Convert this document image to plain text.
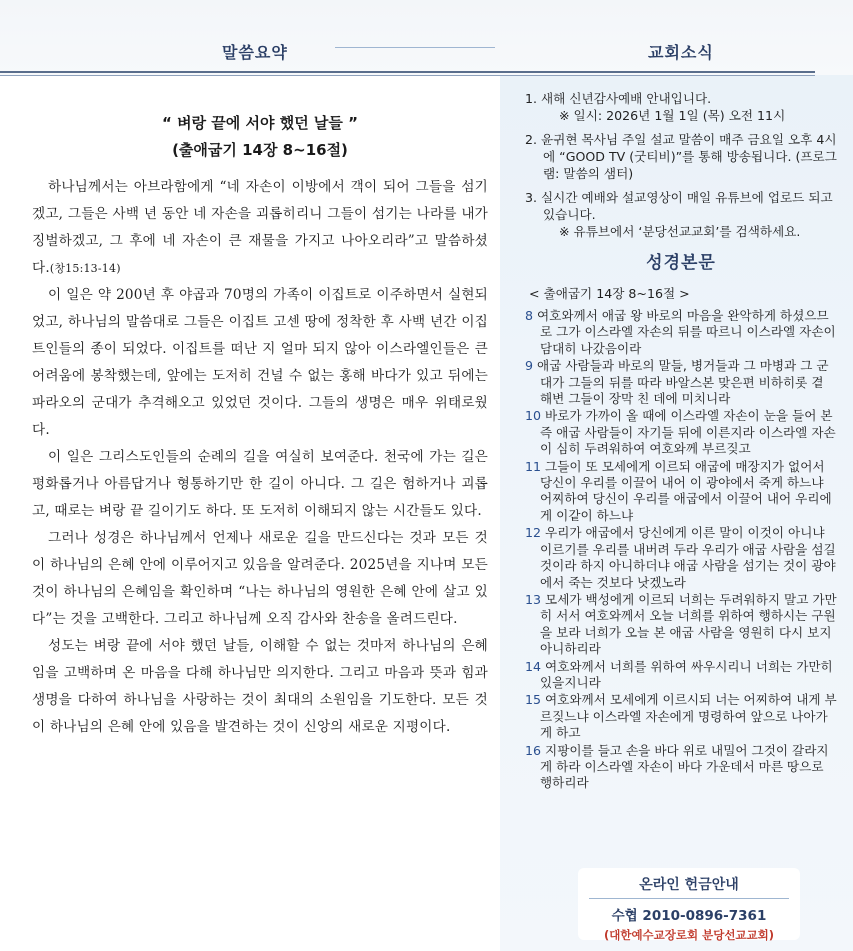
말씀요약	교회소식
“ 벼랑 끝에 서야 했던 날들 ”
(출애굽기 14장 8~16절)

하나님께서는 아브라함에게 “네 자손이 이방에서 객이 되어 그들을 섬기겠고, 그들은 사백 년 동안 네 자손을 괴롭히리니 그들이 섬기는 나라를 내가 징벌하겠고, 그 후에 네 자손이 큰 재물을 가지고 나아오리라”고 말씀하셨다.(창15:13-14)

이 일은 약 200년 후 야곱과 70명의 가족이 이집트로 이주하면서 실현되었고, 하나님의 말씀대로 그들은 이집트 고센 땅에 정착한 후 사백 년간 이집트인들의 종이 되었다. 이집트를 떠난 지 얼마 되지 않아 이스라엘인들은 큰 어려움에 봉착했는데, 앞에는 도저히 건널 수 없는 홍해 바다가 있고 뒤에는 파라오의 군대가 추격해오고 있었던 것이다. 그들의 생명은 매우 위태로웠다.

이 일은 그리스도인들의 순례의 길을 여실히 보여준다. 천국에 가는 길은 평화롭거나 아름답거나 형통하기만 한 길이 아니다. 그 길은 험하거나 괴롭고, 때로는 벼랑 끝 길이기도 하다. 또 도저히 이해되지 않는 시간들도 있다.

그러나 성경은 하나님께서 언제나 새로운 길을 만드신다는 것과 모든 것이 하나님의 은혜 안에 이루어지고 있음을 알려준다. 2025년을 지나며 모든 것이 하나님의 은혜임을 확인하며 “나는 하나님의 영원한 은혜 안에 살고 있다”는 것을 고백한다. 그리고 하나님께 오직 감사와 찬송을 올려드린다.

성도는 벼랑 끝에 서야 했던 날들, 이해할 수 없는 것마저 하나님의 은혜임을 고백하며 온 마음을 다해 하나님만 의지한다. 그리고 마음과 뜻과 힘과 생명을 다하여 하나님을 사랑하는 것이 최대의 소원임을 기도한다. 모든 것이 하나님의 은혜 안에 있음을 발견하는 것이 신앙의 새로운 지평이다.

1. 새해 신년감사예배 안내입니다.
※ 일시: 2026년 1월 1일 (목) 오전 11시
2. 윤귀현 목사님 주일 설교 말씀이 매주 금요일 오후 4시에 “GOOD TV (굿티비)”를 통해 방송됩니다. (프로그램: 말씀의 샘터)
3. 실시간 예배와 설교영상이 매일 유튜브에 업로드 되고 있습니다.
※ 유튜브에서 ‘분당선교교회’를 검색하세요.
성경본문
< 출애굽기 14장 8~16절 >
8 여호와께서 애굽 왕 바로의 마음을 완악하게 하셨으므로 그가 이스라엘 자손의 뒤를 따르니 이스라엘 자손이 담대히 나갔음이라
9 애굽 사람들과 바로의 말들, 병거들과 그 마병과 그 군대가 그들의 뒤를 따라 바알스본 맞은편 비하히롯 곁 해변 그들이 장막 친 데에 미치니라
10 바로가 가까이 올 때에 이스라엘 자손이 눈을 들어 본즉 애굽 사람들이 자기들 뒤에 이른지라 이스라엘 자손이 심히 두려워하여 여호와께 부르짖고
11 그들이 또 모세에게 이르되 애굽에 매장지가 없어서 당신이 우리를 이끌어 내어 이 광야에서 죽게 하느냐 어찌하여 당신이 우리를 애굽에서 이끌어 내어 우리에게 이같이 하느냐
12 우리가 애굽에서 당신에게 이른 말이 이것이 아니냐 이르기를 우리를 내버려 두라 우리가 애굽 사람을 섬길 것이라 하지 아니하더냐 애굽 사람을 섬기는 것이 광야에서 죽는 것보다 낫겠노라
13 모세가 백성에게 이르되 너희는 두려워하지 말고 가만히 서서 여호와께서 오늘 너희를 위하여 행하시는 구원을 보라 너희가 오늘 본 애굽 사람을 영원히 다시 보지 아니하리라
14 여호와께서 너희를 위하여 싸우시리니 너희는 가만히 있을지니라
15 여호와께서 모세에게 이르시되 너는 어찌하여 내게 부르짖느냐 이스라엘 자손에게 명령하여 앞으로 나아가게 하고
16 지팡이를 들고 손을 바다 위로 내밀어 그것이 갈라지게 하라 이스라엘 자손이 바다 가운데서 마른 땅으로 행하리라
온라인 헌금안내
수협 2010-0896-7361
(대한예수교장로회 분당선교교회)
